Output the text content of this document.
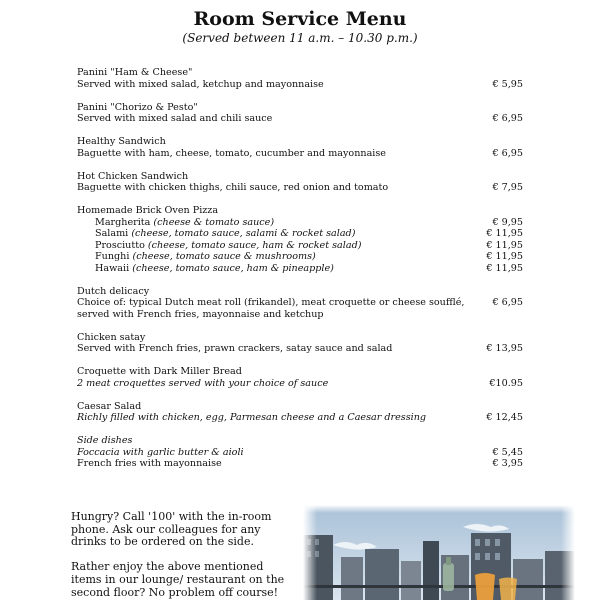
Room Service Menu
(Served between 11 a.m. – 10.30 p.m.)
Panini "Ham & Cheese"
Served with mixed salad, ketchup and mayonnaise	€ 5,95
Panini "Chorizo & Pesto"
Served with mixed salad and chili sauce	€ 6,95
Healthy Sandwich
Baguette with ham, cheese, tomato, cucumber and mayonnaise	€ 6,95
Hot Chicken Sandwich
Baguette with chicken thighs, chili sauce, red onion and tomato	€ 7,95
Homemade Brick Oven Pizza
Margherita (cheese & tomato sauce)	€ 9,95
Salami (cheese, tomato sauce, salami & rocket salad)	€ 11,95
Prosciutto (cheese, tomato sauce, ham & rocket salad)	€ 11,95
Funghi (cheese, tomato sauce & mushrooms)	€ 11,95
Hawaii (cheese, tomato sauce, ham & pineapple)	€ 11,95
Dutch delicacy
Choice of: typical Dutch meat roll (frikandel), meat croquette or cheese soufflé,	€ 6,95
served with French fries, mayonnaise and ketchup
Chicken satay
Served with French fries, prawn crackers, satay sauce and salad	€ 13,95
Croquette with Dark Miller Bread
2 meat croquettes served with your choice of sauce	€10.95
Caesar Salad
Richly filled with chicken, egg, Parmesan cheese and a Caesar dressing	€ 12,45
Side dishes
Foccacia with garlic butter & aioli	€ 5,45
French fries with mayonnaise	€ 3,95

Hungry? Call '100' with the in-room phone. Ask our colleagues for any drinks to be ordered on the side.

Rather enjoy the above mentioned items in our lounge/ restaurant on the second floor? No problem off course!
